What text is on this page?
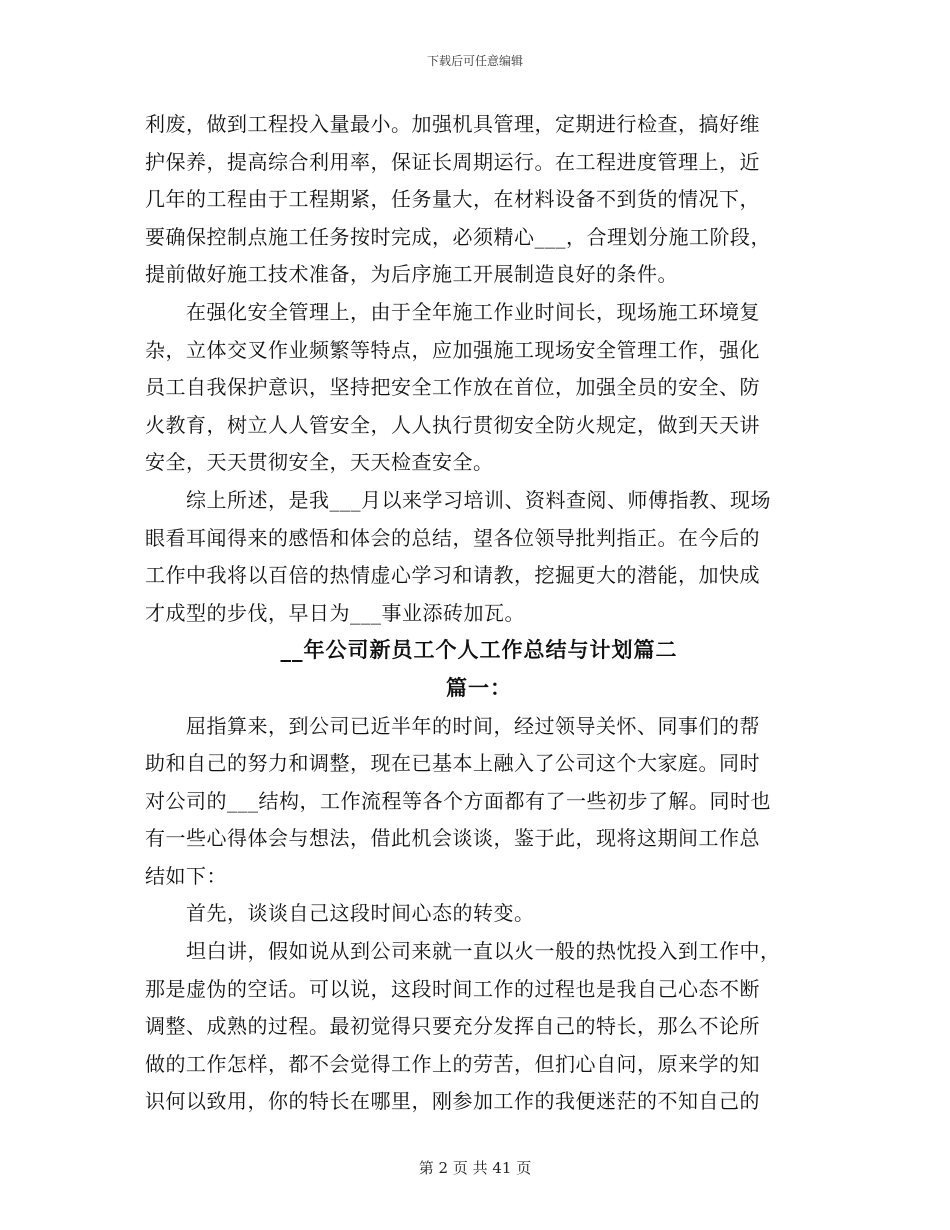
下载后可任意编辑

利废，做到工程投入量最小。加强机具管理，定期进行检查，搞好维
护保养，提高综合利用率，保证长周期运行。在工程进度管理上，近
几年的工程由于工程期紧，任务量大，在材料设备不到货的情况下，
要确保控制点施工任务按时完成，必须精心___，合理划分施工阶段，
提前做好施工技术准备，为后序施工开展制造良好的条件。

　　在强化安全管理上，由于全年施工作业时间长，现场施工环境复
杂，立体交叉作业频繁等特点，应加强施工现场安全管理工作，强化
员工自我保护意识，坚持把安全工作放在首位，加强全员的安全、防
火教育，树立人人管安全，人人执行贯彻安全防火规定，做到天天讲
安全，天天贯彻安全，天天检查安全。

　　综上所述，是我___月以来学习培训、资料查阅、师傅指教、现场
眼看耳闻得来的感悟和体会的总结，望各位领导批判指正。在今后的
工作中我将以百倍的热情虚心学习和请教，挖掘更大的潜能，加快成
才成型的步伐，早日为___事业添砖加瓦。

__年公司新员工个人工作总结与计划篇二
篇一：

　　屈指算来，到公司已近半年的时间，经过领导关怀、同事们的帮
助和自己的努力和调整，现在已基本上融入了公司这个大家庭。同时
对公司的___结构，工作流程等各个方面都有了一些初步了解。同时也
有一些心得体会与想法，借此机会谈谈，鉴于此，现将这期间工作总
结如下：

　　首先，谈谈自己这段时间心态的转变。

　　坦白讲，假如说从到公司来就一直以火一般的热忱投入到工作中，
那是虚伪的空话。可以说，这段时间工作的过程也是我自己心态不断
调整、成熟的过程。最初觉得只要充分发挥自己的特长，那么不论所
做的工作怎样，都不会觉得工作上的劳苦，但扪心自问，原来学的知
识何以致用，你的特长在哪里，刚参加工作的我便迷茫的不知自己的

第 2 页 共 41 页
